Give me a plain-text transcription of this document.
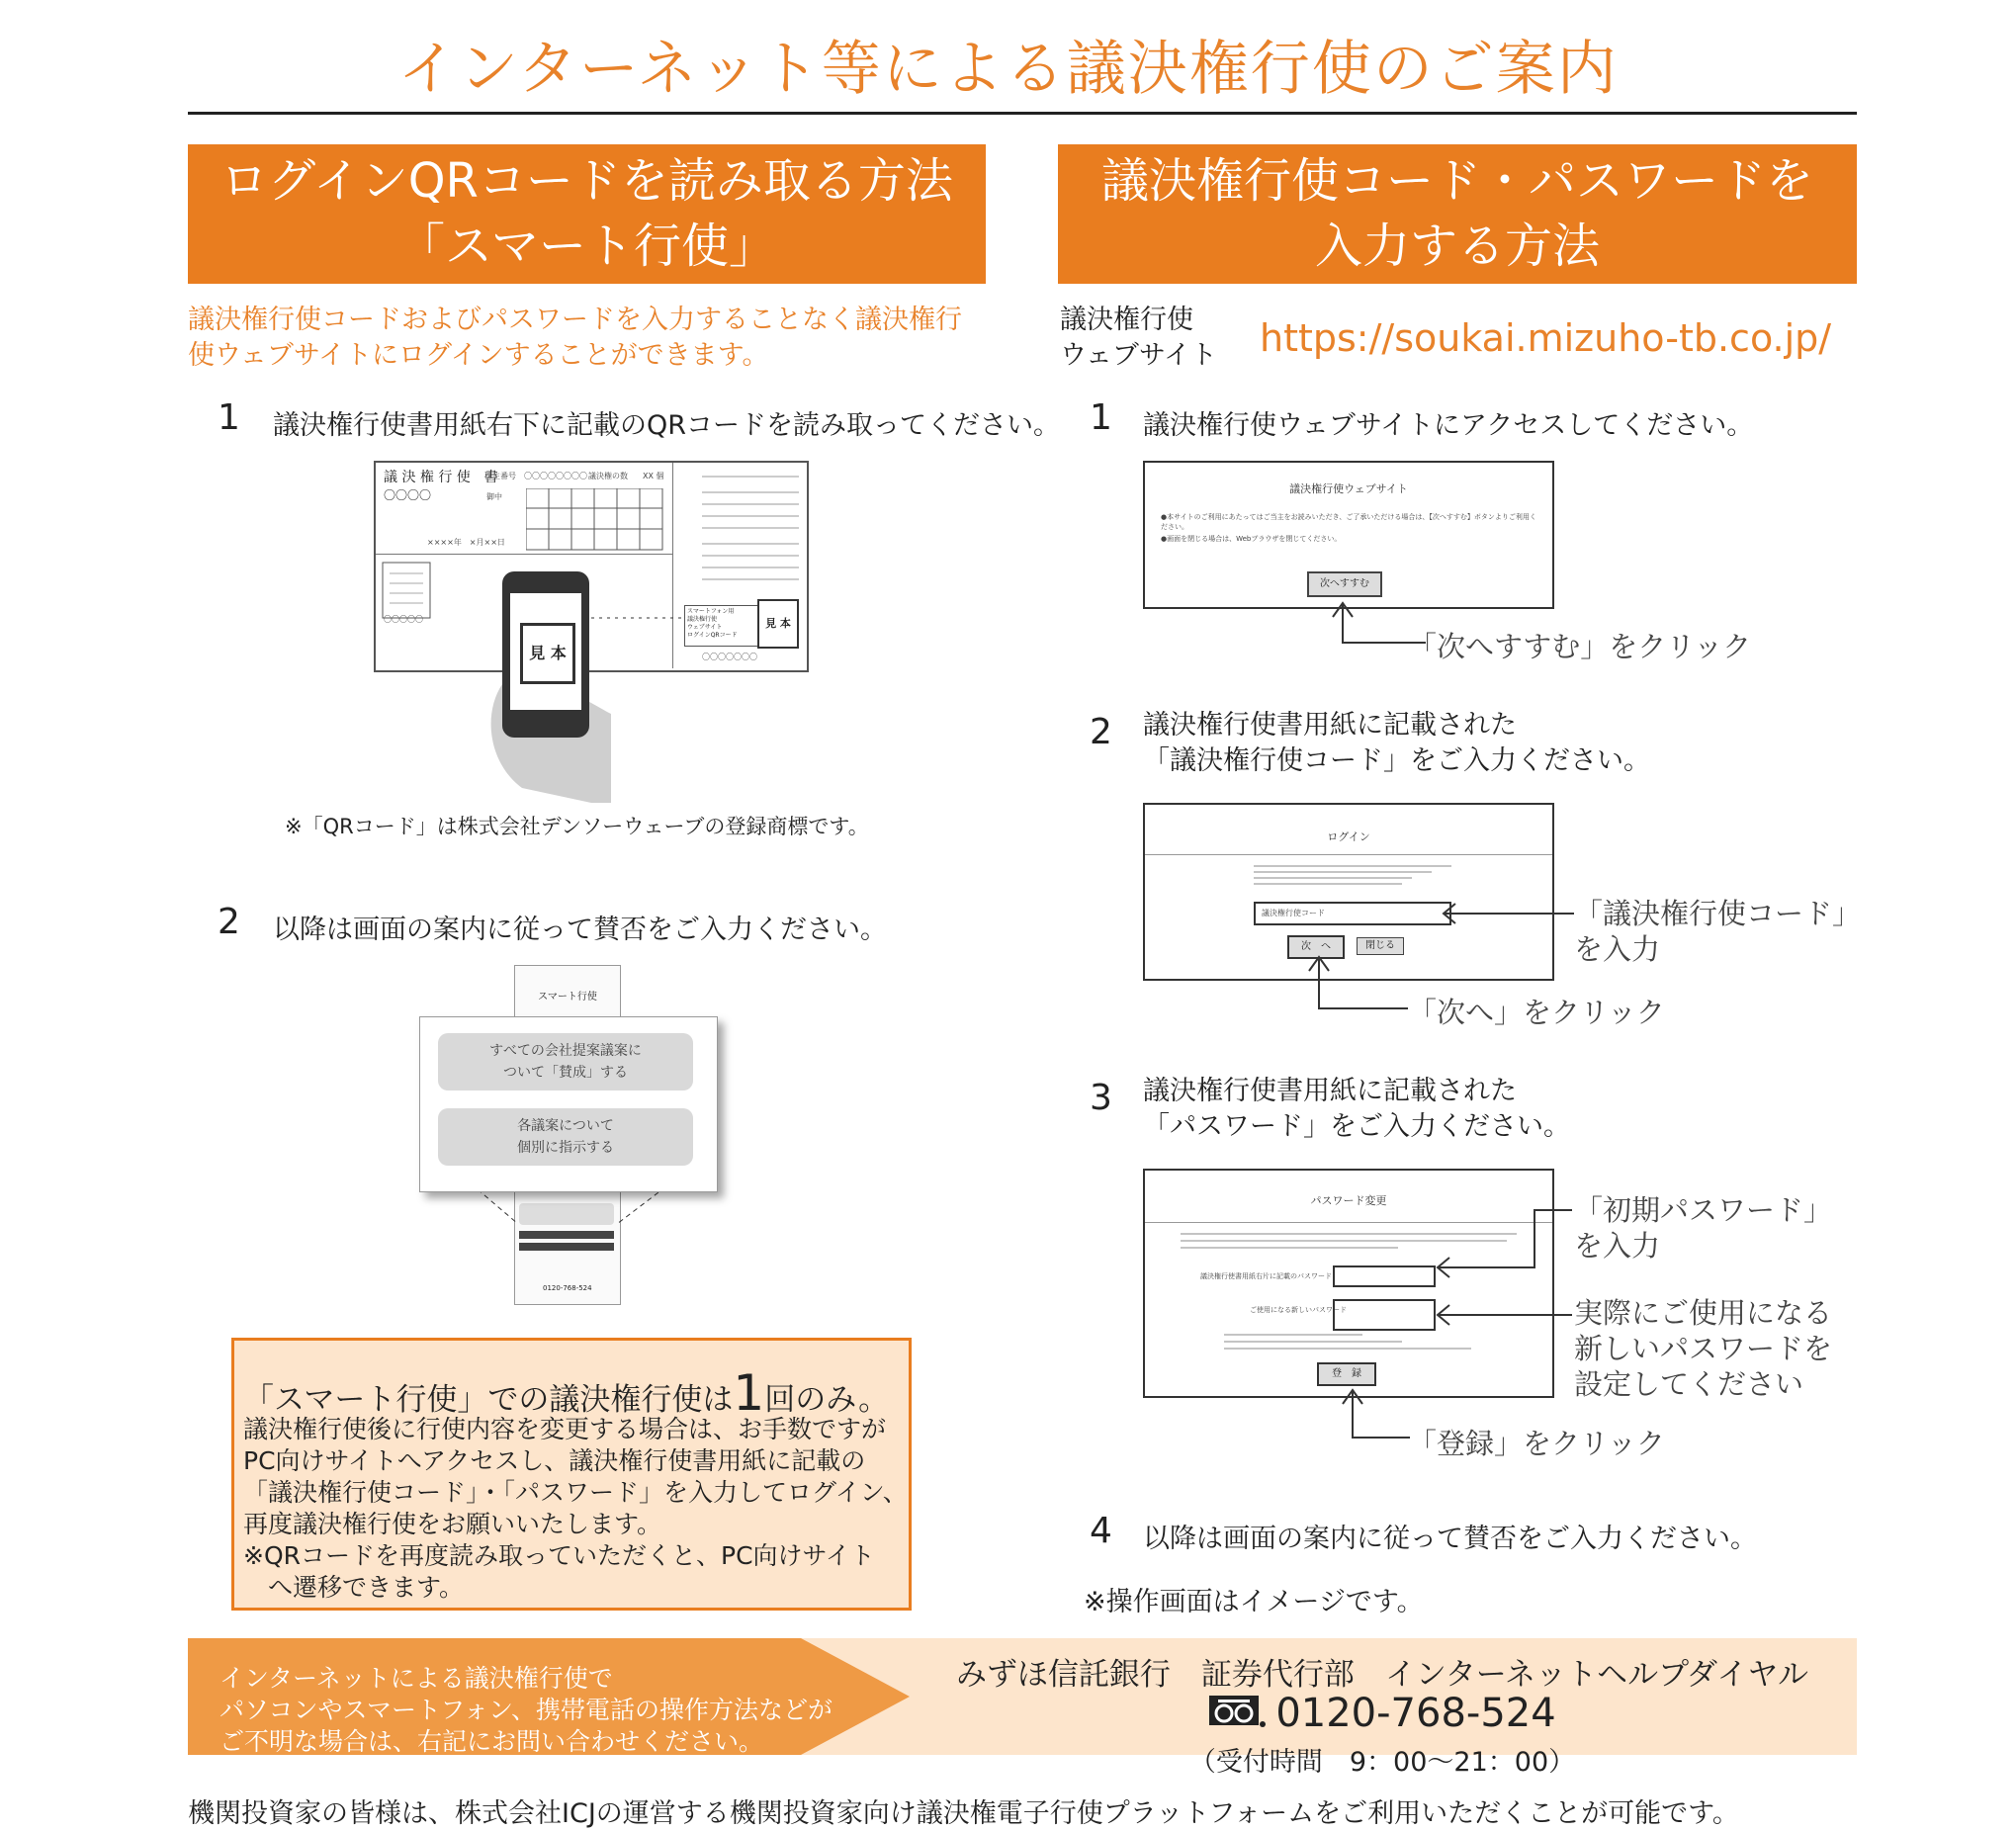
インターネット等による議決権行使のご案内
ログインQRコードを読み取る方法
「スマート行使」
議決権行使コードおよびパスワードを入力することなく議決権行
使ウェブサイトにログインすることができます。
1 議決権行使書用紙右下に記載のQRコードを読み取ってください。
議 決 権 行 使　書
株主番号　〇〇〇〇〇〇〇〇 議決権の数 XX 個
〇〇〇〇	御中
××××年　×月××日
〇〇〇〇〇
スマートフォン用
議決権行使
ウェブサイト
ログインQRコード
見 本
〇〇〇〇〇〇〇
見 本
※「QRコード」は株式会社デンソーウェーブの登録商標です。
2 以降は画面の案内に従って賛否をご入力ください。
スマート行使
0120-768-524
すべての会社提案議案に
ついて「賛成」する
各議案について
個別に指示する
「スマート行使」での議決権行使は1回のみ。
議決権行使後に行使内容を変更する場合は、お手数ですが
PC向けサイトへアクセスし、議決権行使書用紙に記載の
「議決権行使コード」・「パスワード」を入力してログイン、
再度議決権行使をお願いいたします。
※QRコードを再度読み取っていただくと、PC向けサイト
　へ遷移できます。
議決権行使コード・パスワードを
入力する方法
議決権行使
ウェブサイト https://soukai.mizuho-tb.co.jp/
1 議決権行使ウェブサイトにアクセスしてください。
議決権行使ウェブサイト
●本サイトのご利用にあたってはご当主をお読みいただき、ご了承いただける場合は、【次へすすむ】ボタンよりご利用ください。
●画面を閉じる場合は、Webブラウザを閉じてください。
次へすすむ
「次へすすむ」をクリック
2 議決権行使書用紙に記載された
「議決権行使コード」をご入力ください。
ログイン
議決権行使コード
次　へ	閉じる
「議決権行使コード」
を入力
「次へ」をクリック
3 議決権行使書用紙に記載された
「パスワード」をご入力ください。
パスワード変更
議決権行使書用紙右片に記載のパスワード
ご使用になる新しいパスワード
登　録
「初期パスワード」
を入力
実際にご使用になる
新しいパスワードを
設定してください
「登録」をクリック
4 以降は画面の案内に従って賛否をご入力ください。
※操作画面はイメージです。
インターネットによる議決権行使で
パソコンやスマートフォン、携帯電話の操作方法などが
ご不明な場合は、右記にお問い合わせください。
みずほ信託銀行　証券代行部　インターネットヘルプダイヤル
0120-768-524
（受付時間　9：00〜21：00）
機関投資家の皆様は、株式会社ICJの運営する機関投資家向け議決権電子行使プラットフォームをご利用いただくことが可能です。
